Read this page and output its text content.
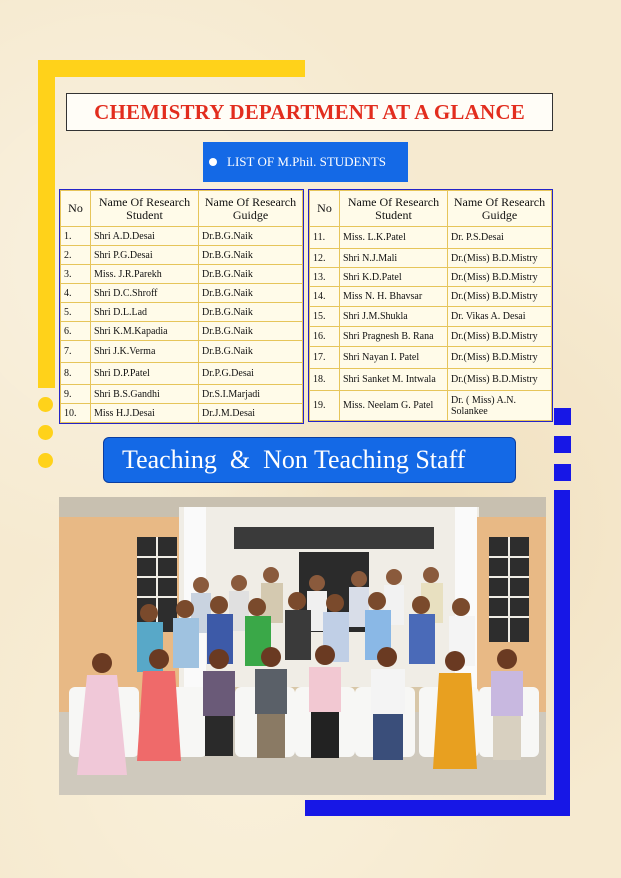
CHEMISTRY DEPARTMENT AT A GLANCE
LIST OF M.Phil. STUDENTS
No	Name Of Research Student	Name Of Research Guidge
1.	Shri A.D.Desai	Dr.B.G.Naik
2.	Shri P.G.Desai	Dr.B.G.Naik
3.	Miss. J.R.Parekh	Dr.B.G.Naik
4.	Shri D.C.Shroff	Dr.B.G.Naik
5.	Shri D.L.Lad	Dr.B.G.Naik
6.	Shri K.M.Kapadia	Dr.B.G.Naik
7.	Shri J.K.Verma	Dr.B.G.Naik
8.	Shri D.P.Patel	Dr.P.G.Desai
9.	Shri B.S.Gandhi	Dr.S.I.Marjadi
10.	Miss H.J.Desai	Dr.J.M.Desai
No	Name Of Research Student	Name Of Research Guidge
11.	Miss. L.K.Patel	Dr. P.S.Desai
12.	Shri N.J.Mali	Dr.(Miss) B.D.Mistry
13.	Shri K.D.Patel	Dr.(Miss) B.D.Mistry
14.	Miss N. H. Bhavsar	Dr.(Miss) B.D.Mistry
15.	Shri J.M.Shukla	Dr. Vikas A. Desai
16.	Shri Pragnesh B. Rana	Dr.(Miss) B.D.Mistry
17.	Shri Nayan I. Patel	Dr.(Miss) B.D.Mistry
18.	Shri Sanket M. Intwala	Dr.(Miss) B.D.Mistry
19.	Miss. Neelam G. Patel	Dr. ( Miss) A.N. Solankee
Teaching  &  Non Teaching Staff
